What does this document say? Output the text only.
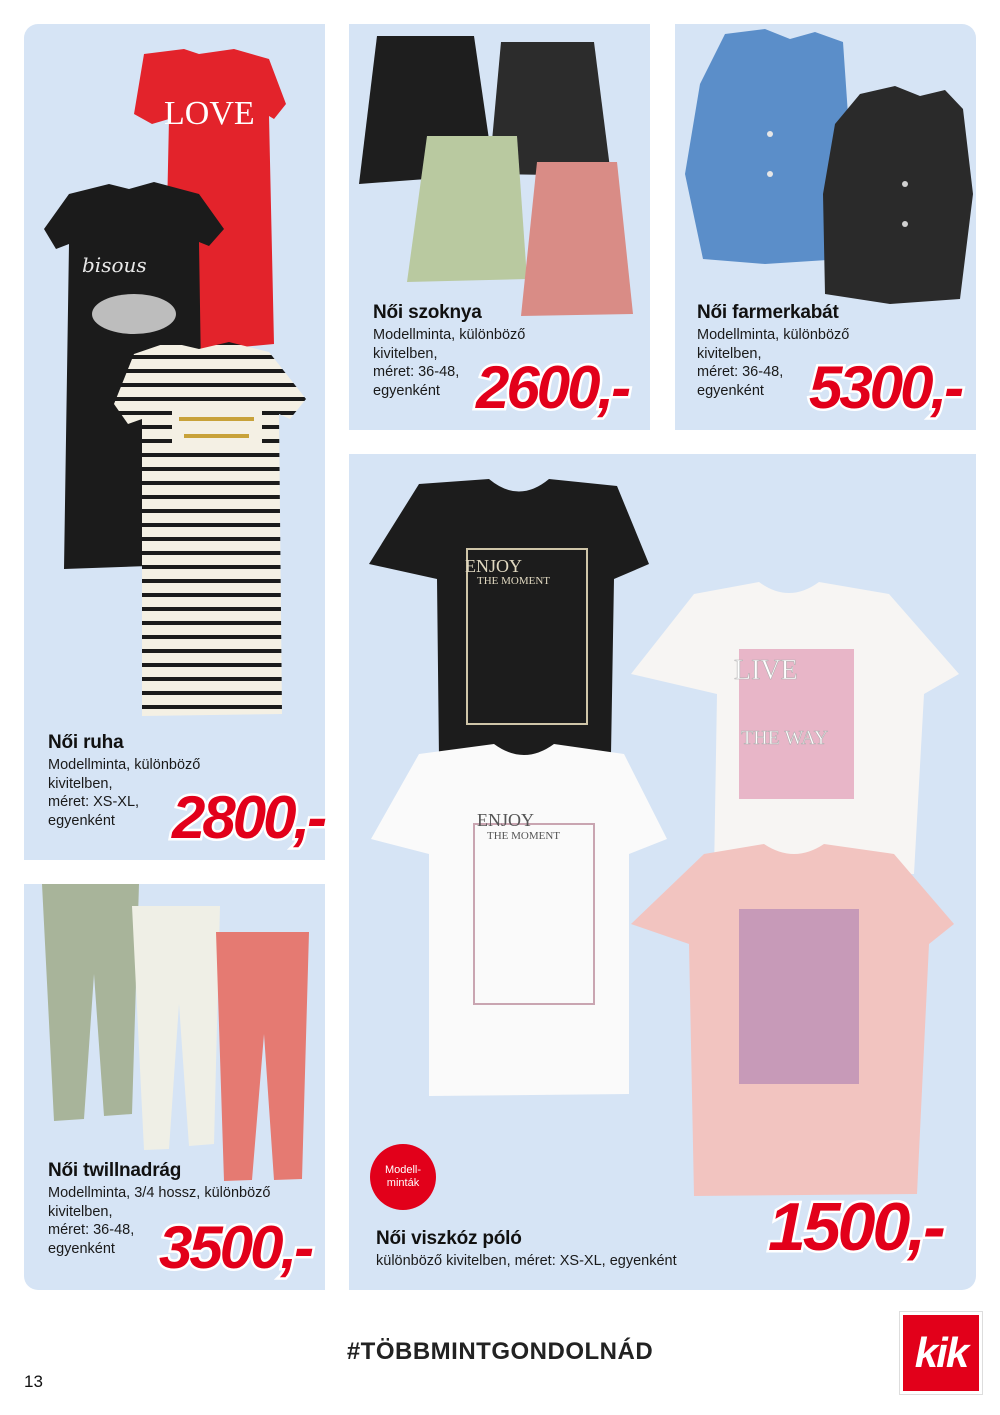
LOVE
bisous
Női ruha
Modellminta, különböző
kivitelben,
méret: XS-XL,
egyenként 2800,-
Női szoknya
Modellminta, különböző
kivitelben,
méret: 36-48,
egyenként 2600,-
Női farmerkabát
Modellminta, különböző
kivitelben,
méret: 36-48,
egyenként 5300,-
Női twillnadrág
Modellminta, 3/4 hossz, különböző
kivitelben,
méret: 36-48,
egyenként 3500,-
ENJOY
THE MOMENT
LIVE
THE WAY
ENJOY
THE MOMENT
Női viszkóz póló
különböző kivitelben, méret: XS-XL, egyenként
Modell-
minták
1500,-
#TÖBBMINTGONDOLNÁD
13
kik
